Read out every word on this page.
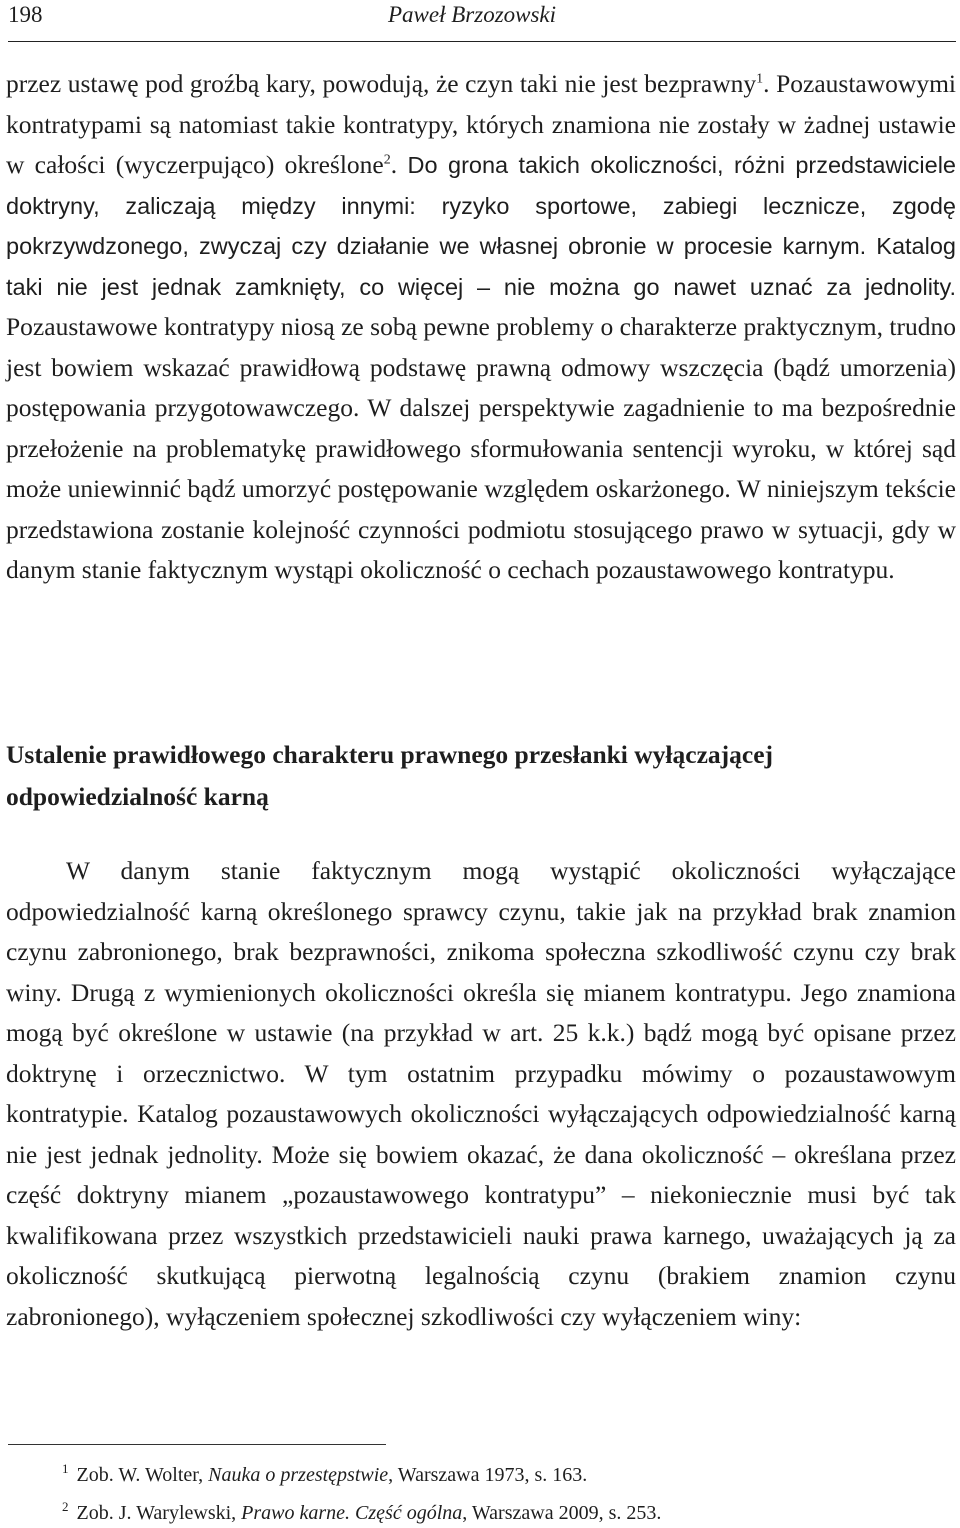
198	Paweł Brzozowski

przez ustawę pod groźbą kary, powodują, że czyn taki nie jest bezprawny$^1$. Pozaustawowymi kontratypami są natomiast takie kontratypy, których znamiona nie zostały w żadnej ustawie w całości (wyczerpująco) określone$^2$. Do grona takich okoliczności, różni przedstawiciele doktryny, zaliczają między innymi: ryzyko sportowe, zabiegi lecznicze, zgodę pokrzywdzonego, zwyczaj czy działanie we własnej obronie w procesie karnym. Katalog taki nie jest jednak zamknięty, co więcej – nie można go nawet uznać za jednolity. Pozaustawowe kontratypy niosą ze sobą pewne problemy o charakterze praktycznym, trudno jest bowiem wskazać prawidłową podstawę prawną odmowy wszczęcia (bądź umorzenia) postępowania przygotowawczego. W dalszej perspektywie zagadnienie to ma bezpośrednie przełożenie na problematykę prawidłowego sformułowania sentencji wyroku, w której sąd może uniewinnić bądź umorzyć postępowanie względem oskarżonego. W niniejszym tekście przedstawiona zostanie kolejność czynności podmiotu stosującego prawo w sytuacji, gdy w danym stanie faktycznym wystąpi okoliczność o cechach pozaustawowego kontratypu.

Ustalenie prawidłowego charakteru prawnego przesłanki wyłączającej odpowiedzialność karną

W danym stanie faktycznym mogą wystąpić okoliczności wyłączające odpowiedzialność karną określonego sprawcy czynu, takie jak na przykład brak znamion czynu zabronionego, brak bezprawności, znikoma społeczna szkodliwość czynu czy brak winy. Drugą z wymienionych okoliczności określa się mianem kontratypu. Jego znamiona mogą być określone w ustawie (na przykład w art. 25 k.k.) bądź mogą być opisane przez doktrynę i orzecznictwo. W tym ostatnim przypadku mówimy o pozaustawowym kontratypie. Katalog pozaustawowych okoliczności wyłączających odpowiedzialność karną nie jest jednak jednolity. Może się bowiem okazać, że dana okoliczność – określana przez część doktryny mianem „pozaustawowego kontratypu” – niekoniecznie musi być tak kwalifikowana przez wszystkich przedstawicieli nauki prawa karnego, uważających ją za okoliczność skutkującą pierwotną legalnością czynu (brakiem znamion czynu zabronionego), wyłączeniem społecznej szkodliwości czy wyłączeniem winy:

$^1$ Zob. W. Wolter, Nauka o przestępstwie, Warszawa 1973, s. 163.

$^2$ Zob. J. Warylewski, Prawo karne. Część ogólna, Warszawa 2009, s. 253.
